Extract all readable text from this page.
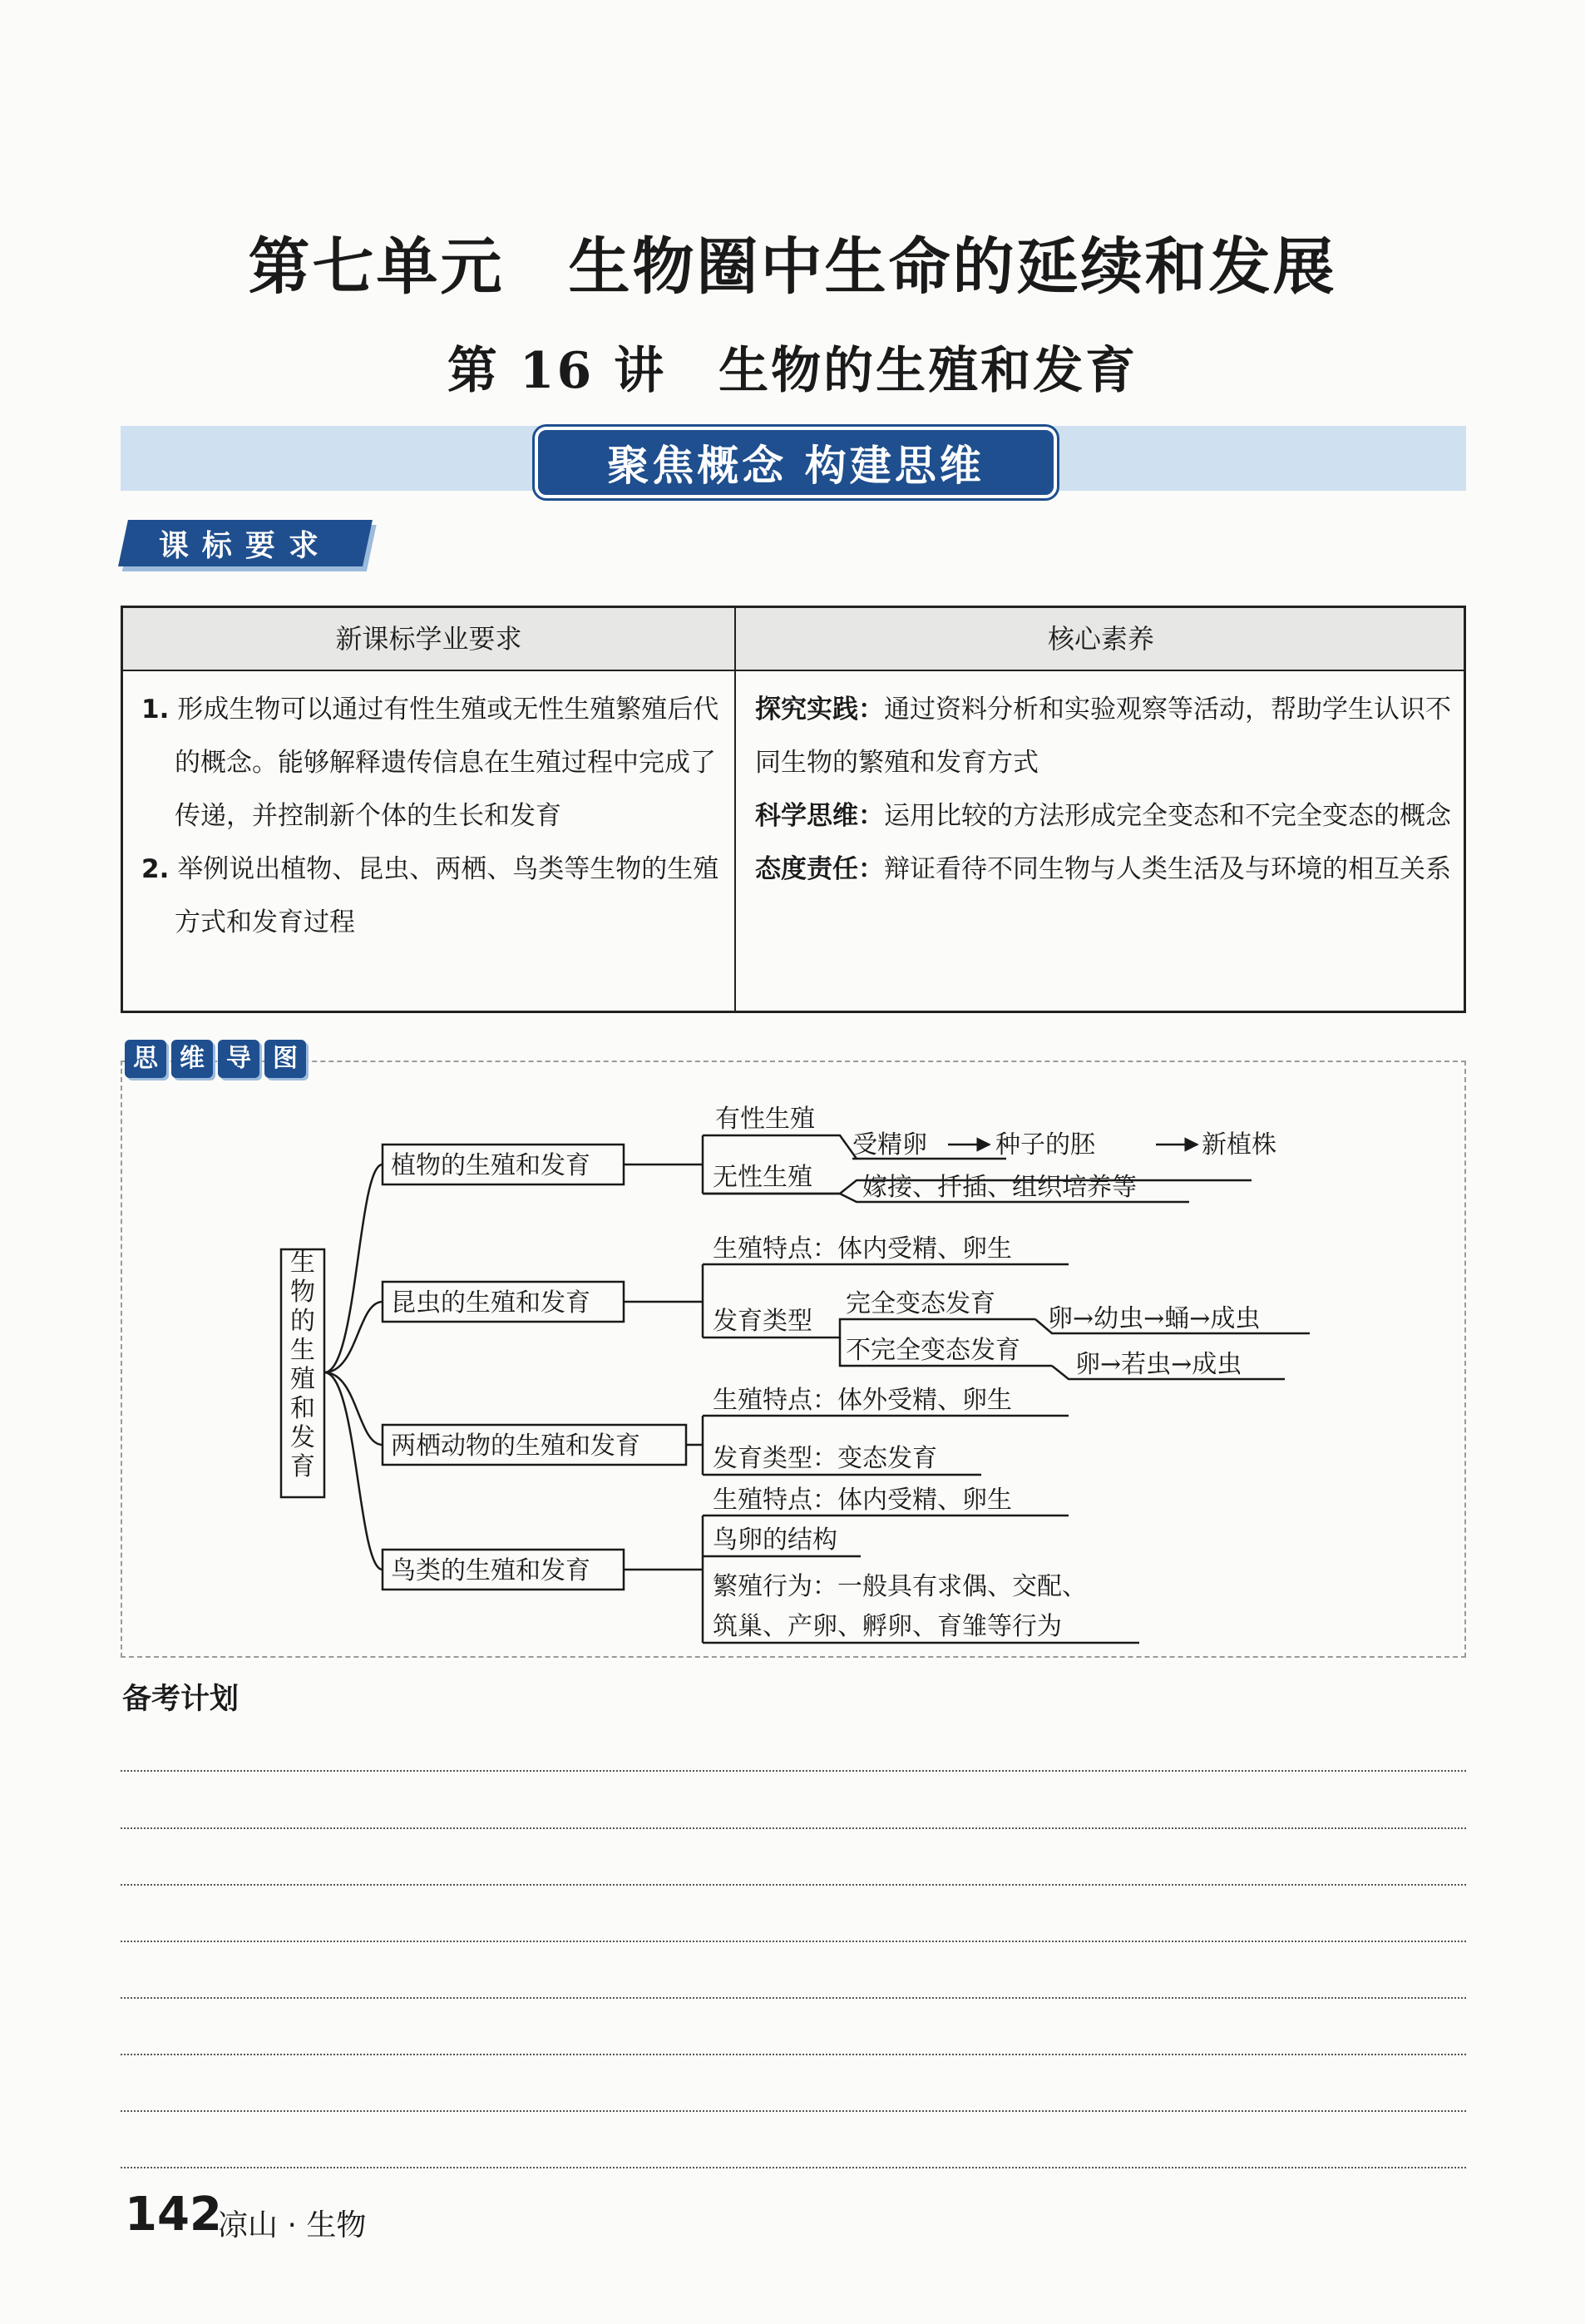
第七单元　生物圈中生命的延续和发展
第 16 讲　生物的生殖和发育
聚焦概念 构建思维
课标要求
新课标学业要求	核心素养
1. 形成生物可以通过有性生殖或无性生殖繁殖后代的概念。能够解释遗传信息在生殖过程中完成了传递，并控制新个体的生长和发育
2. 举例说出植物、昆虫、两栖、鸟类等生物的生殖方式和发育过程
探究实践：通过资料分析和实验观察等活动，帮助学生认识不同生物的繁殖和发育方式
科学思维：运用比较的方法形成完全变态和不完全变态的概念
态度责任：辩证看待不同生物与人类生活及与环境的相互关系
思 维 导 图
生
物
的
生
殖
和
发
育
植物的生殖和发育
昆虫的生殖和发育
两栖动物的生殖和发育
鸟类的生殖和发育
有性生殖
受精卵	种子的胚	新植株
无性生殖 嫁接、扦插、组织培养等
生殖特点：体内受精、卵生
发育类型
完全变态发育
不完全变态发育
卵→幼虫→蛹→成虫
卵→若虫→成虫
生殖特点：体外受精、卵生
发育类型：变态发育
生殖特点：体内受精、卵生
鸟卵的结构
繁殖行为：一般具有求偶、交配、
筑巢、产卵、孵卵、育雏等行为
备考计划
142
凉山 · 生物
